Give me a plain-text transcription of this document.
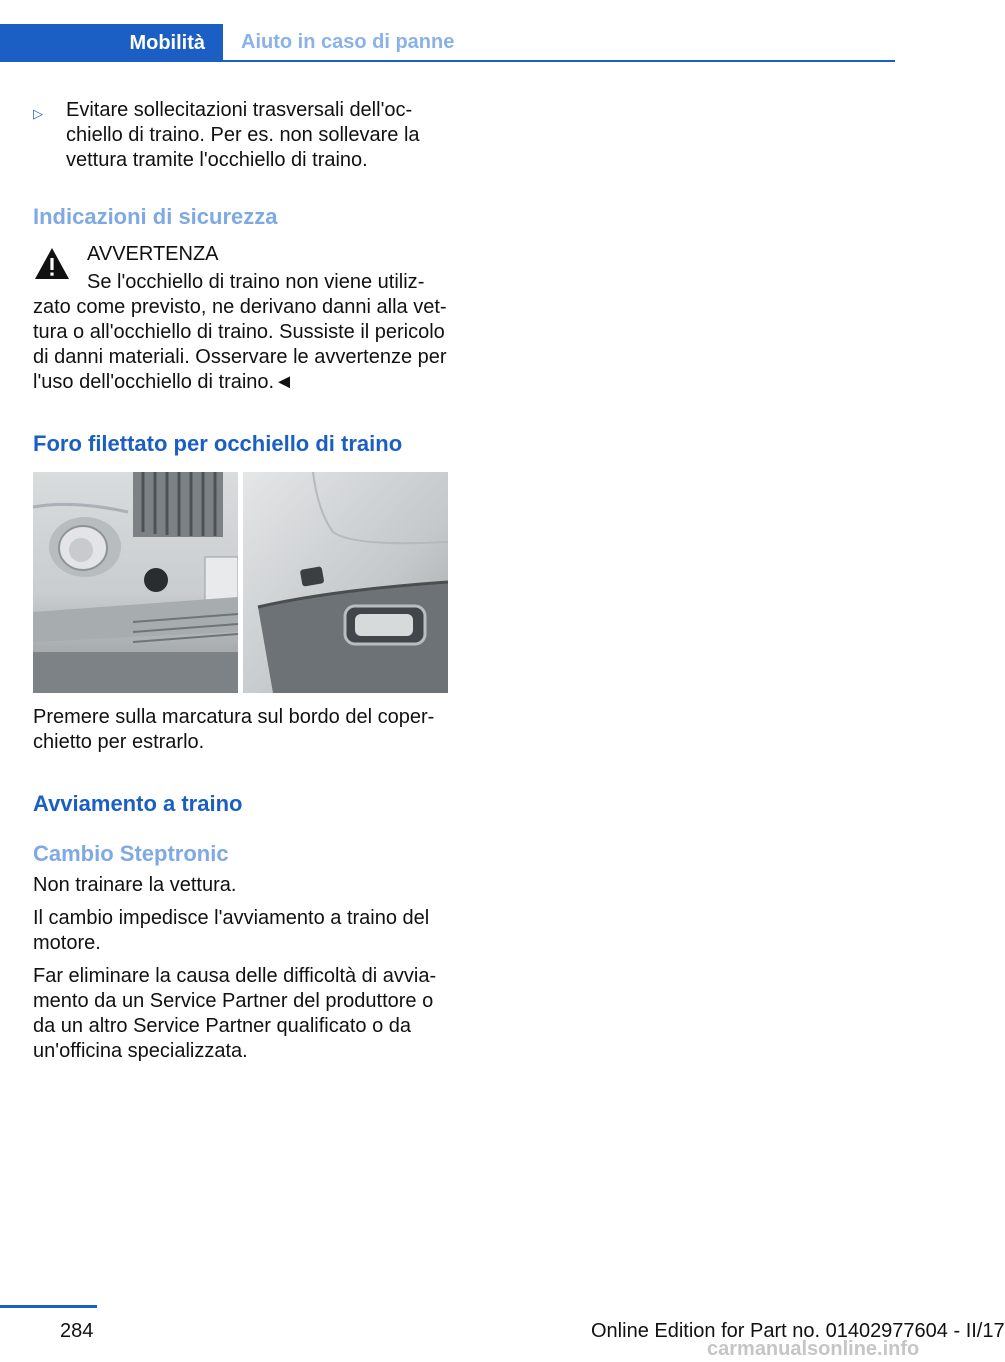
Mobilità Aiuto in caso di panne
▷ Evitare sollecitazioni trasversali dell'occhiello di traino. Per es. non sollevare la vettura tramite l'occhiello di traino.

Indicazioni di sicurezza
AVVERTENZA

Se l'occhiello di traino non viene utilizzato come previsto, ne derivano danni alla vettura o all'occhiello di traino. Sussiste il pericolo di danni materiali. Osservare le avvertenze per l'uso dell'occhiello di traino.◄

Foro filettato per occhiello di traino

Premere sulla marcatura sul bordo del coperchietto per estrarlo.

Avviamento a traino
Cambio Steptronic

Non trainare la vettura.

Il cambio impedisce l'avviamento a traino del motore.

Far eliminare la causa delle difficoltà di avviamento da un Service Partner del produttore o da un altro Service Partner qualificato o da un'officina specializzata.

284	Online Edition for Part no. 01402977604 - II/17
carmanualsonline.info
